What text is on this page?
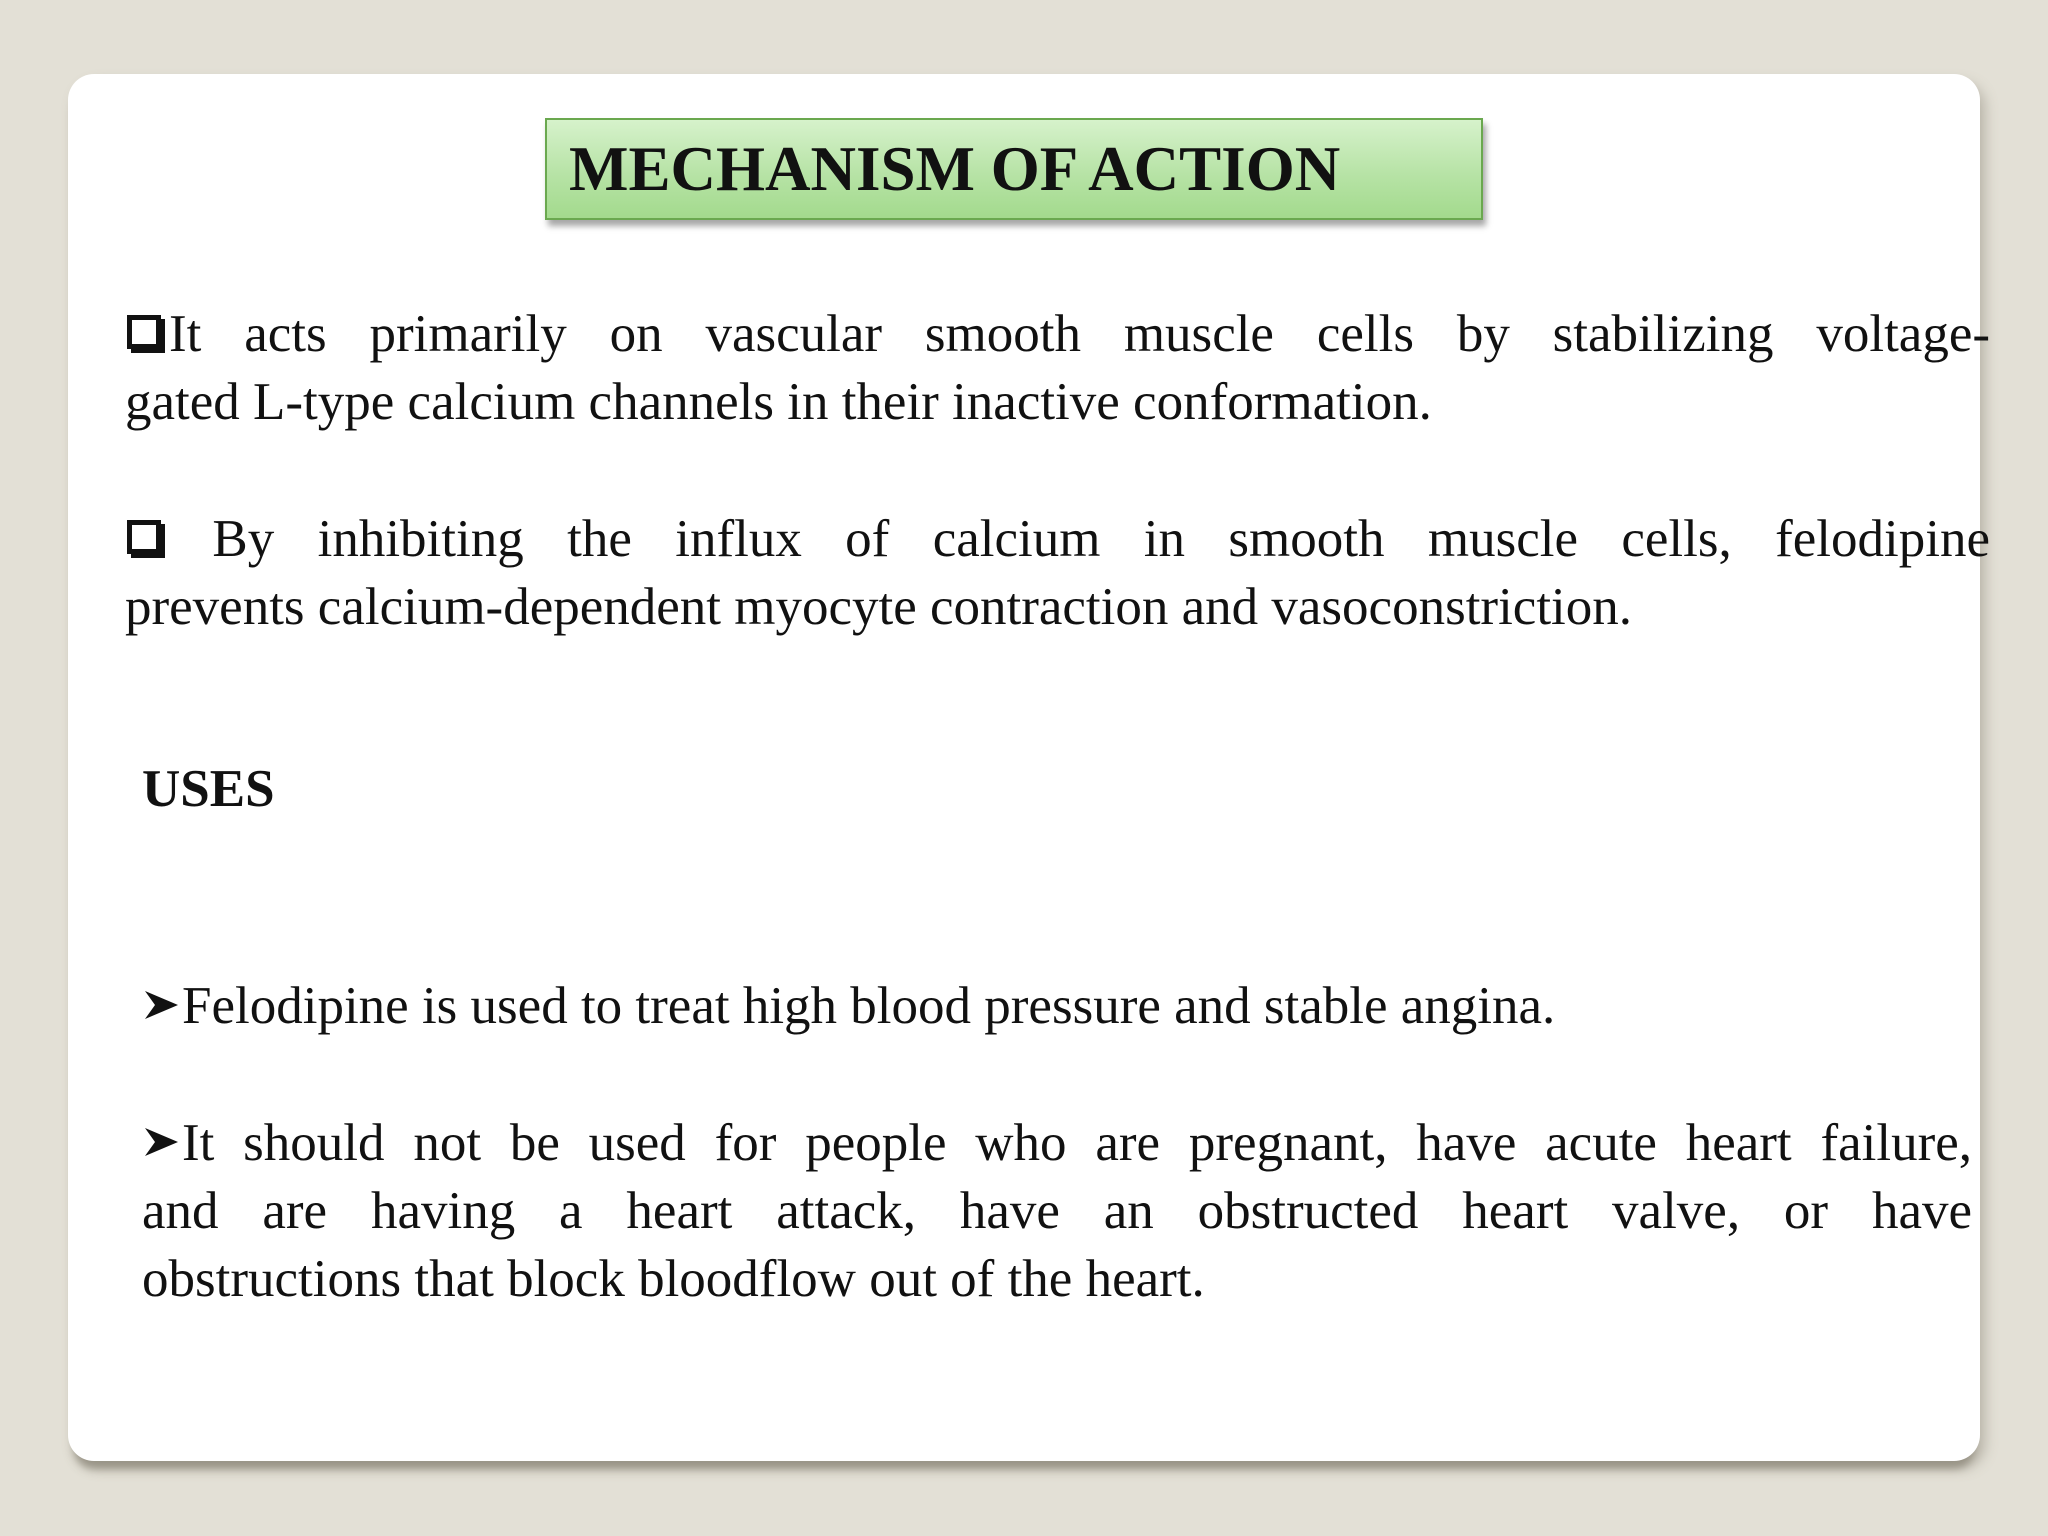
MECHANISM OF ACTION
It acts primarily on vascular smooth muscle cells by stabilizing voltage-
gated L-type calcium channels in their inactive conformation.
By inhibiting the influx of calcium in smooth muscle cells, felodipine
prevents calcium-dependent myocyte contraction and vasoconstriction.
USES
Felodipine is used to treat high blood pressure and stable angina.
It should not be used for people who are pregnant, have acute heart failure,
and are having a heart attack, have an obstructed heart valve, or have
obstructions that block bloodflow out of the heart.
